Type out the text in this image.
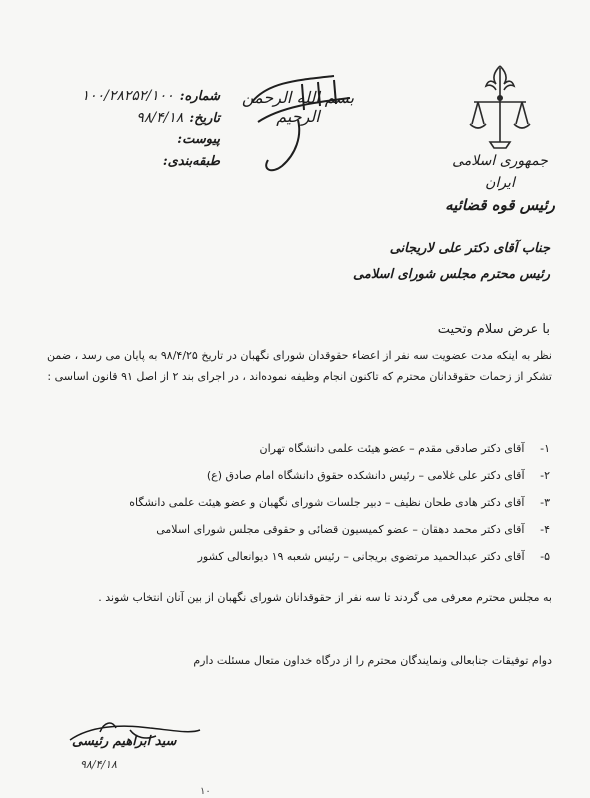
جمهوری اسلامی ایران
رئیس قوه قضائیه
بسم الله الرحمن الرحیم
شماره:
۱۰۰/۲۸۲۵۲/۱۰۰
تاریخ:
۹۸/۴/۱۸
پیوست:
طبقه‌بندی:
جناب آقای دکتر علی لاریجانی
رئیس محترم مجلس شورای اسلامی
با عرض سلام وتحیت
نظر به اینکه مدت عضویت سه نفر از اعضاء حقوقدان شورای نگهبان در تاریخ ۹۸/۴/۲۵ به پایان می رسد ، ضمن تشکر از زحمات حقوقدانان محترم که تاکنون انجام وظیفه نموده‌اند ، در اجرای بند ۲ از اصل ۹۱ قانون اساسی :
۱- آقای دکتر صادقی مقدم – عضو هیئت علمی دانشگاه تهران
۲- آقای دکتر علی غلامی – رئیس دانشکده حقوق دانشگاه امام صادق (ع)
۳- آقای دکتر هادی طحان نظیف – دبیر جلسات شورای نگهبان و عضو هیئت علمی دانشگاه
۴- آقای دکتر محمد دهقان – عضو کمیسیون قضائی و حقوقی مجلس شورای اسلامی
۵- آقای دکتر عبدالحمید مرتضوی بریجانی – رئیس شعبه ۱۹ دیوانعالی کشور
به مجلس محترم معرفی می گردند تا سه نفر از حقوقدانان شورای نگهبان از بین آنان انتخاب شوند .
دوام توفیقات جنابعالی ونمایندگان محترم را از درگاه خداون متعال مسئلت دارم
سید ابراهیم رئیسی
۹۸/۴/۱۸
۱۰
